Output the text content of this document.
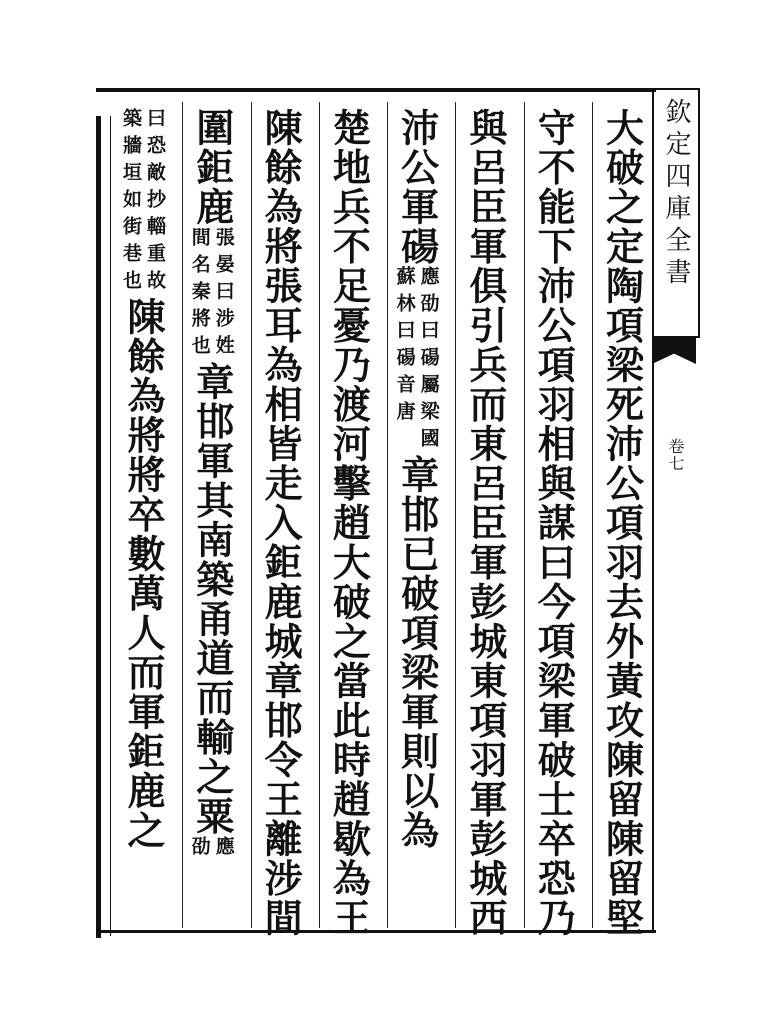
欽定四庫全書
卷七
大破之定陶項梁死沛公項羽去外黃攻陳留陳留堅
守不能下沛公項羽相與謀曰今項梁軍破士卒恐乃
與呂臣軍俱引兵而東呂臣軍彭城東項羽軍彭城西
沛公軍碭
應劭曰碭屬梁國
蘇林曰碭音唐
章邯已破項梁軍則以為
楚地兵不足憂乃渡河擊趙大破之當此時趙歇為王
陳餘為將張耳為相皆走入鉅鹿城章邯令王離涉間
圍鉅鹿
張晏曰涉姓
間名秦將也
章邯軍其南築甬道而輸之粟
應
劭
曰恐敵抄輜重故
築牆垣如街巷也
陳餘為將將卒數萬人而軍鉅鹿之
